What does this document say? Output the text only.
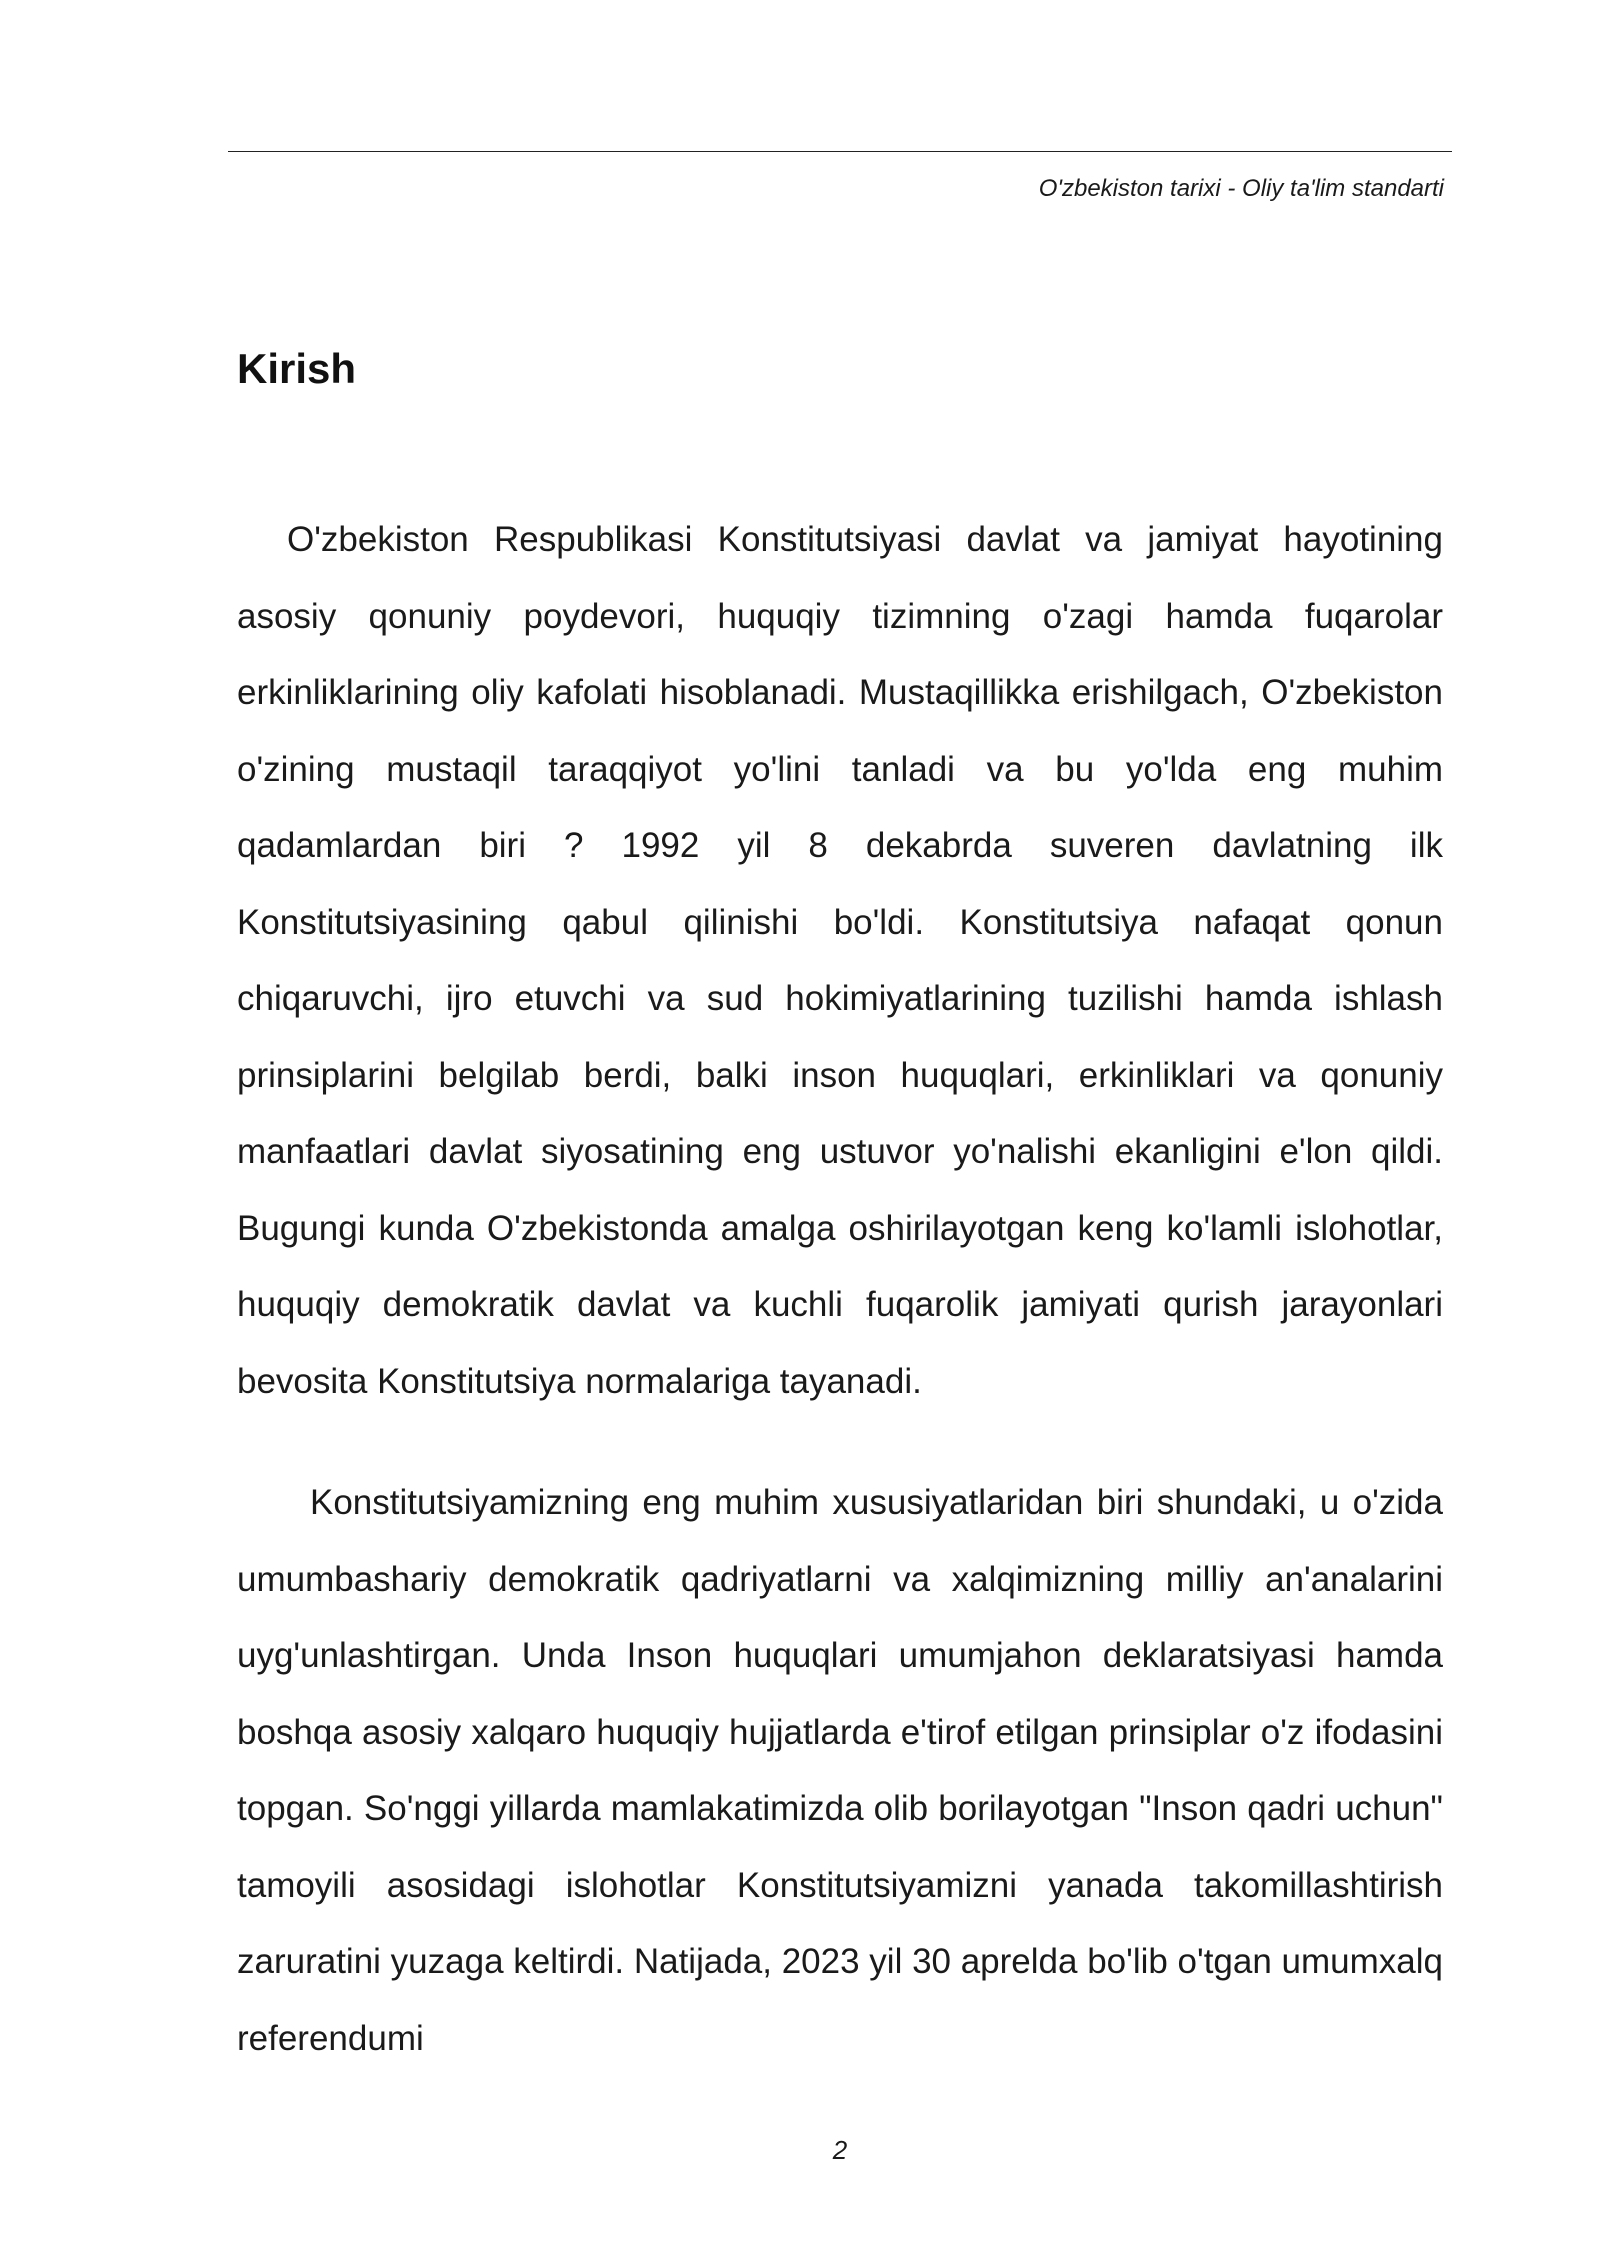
O'zbekiston tarixi - Oliy ta'lim standarti
Kirish

O'zbekiston Respublikasi Konstitutsiyasi davlat va jamiyat hayotining asosiy qonuniy poydevori, huquqiy tizimning o'zagi hamda fuqarolar erkinliklarining oliy kafolati hisoblanadi. Mustaqillikka erishilgach, O'zbekiston o'zining mustaqil taraqqiyot yo'lini tanladi va bu yo'lda eng muhim qadamlardan biri ? 1992 yil 8 dekabrda suveren davlatning ilk Konstitutsiyasining qabul qilinishi bo'ldi. Konstitutsiya nafaqat qonun chiqaruvchi, ijro etuvchi va sud hokimiyatlarining tuzilishi hamda ishlash prinsiplarini belgilab berdi, balki inson huquqlari, erkinliklari va qonuniy manfaatlari davlat siyosatining eng ustuvor yo'nalishi ekanligini e'lon qildi. Bugungi kunda O'zbekistonda amalga oshirilayotgan keng ko'lamli islohotlar, huquqiy demokratik davlat va kuchli fuqarolik jamiyati qurish jarayonlari bevosita Konstitutsiya normalariga tayanadi.

Konstitutsiyamizning eng muhim xususiyatlaridan biri shundaki, u o'zida umumbashariy demokratik qadriyatlarni va xalqimizning milliy an'analarini uyg'unlashtirgan. Unda Inson huquqlari umumjahon deklaratsiyasi hamda boshqa asosiy xalqaro huquqiy hujjatlarda e'tirof etilgan prinsiplar o'z ifodasini topgan. So'nggi yillarda mamlakatimizda olib borilayotgan "Inson qadri uchun" tamoyili asosidagi islohotlar Konstitutsiyamizni yanada takomillashtirish zaruratini yuzaga keltirdi. Natijada, 2023 yil 30 aprelda bo'lib o'tgan umumxalq referendumi

2
